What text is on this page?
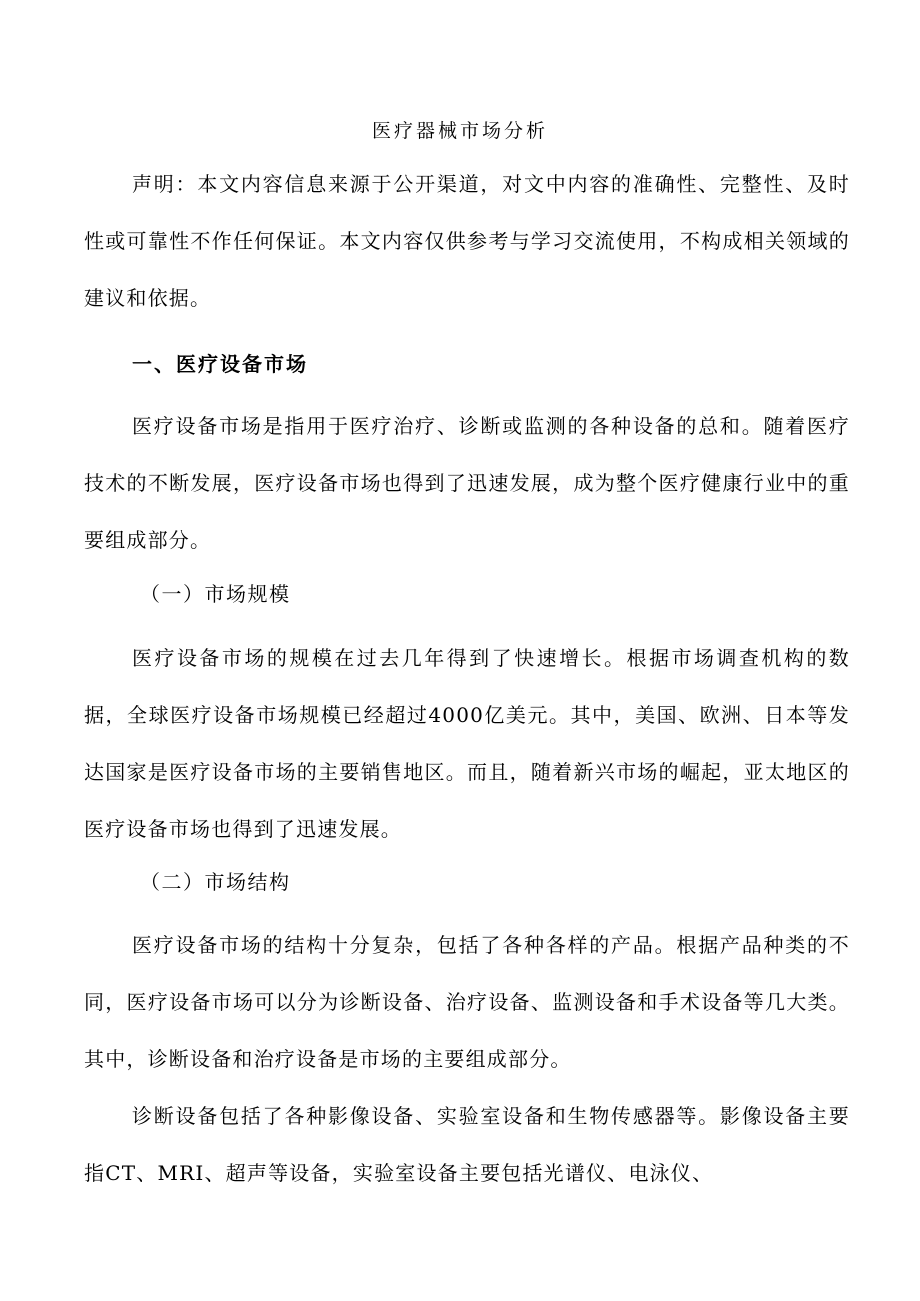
医疗器械市场分析

声明：本文内容信息来源于公开渠道，对文中内容的准确性、完整性、及时性或可靠性不作任何保证。本文内容仅供参考与学习交流使用，不构成相关领域的建议和依据。

一、医疗设备市场

医疗设备市场是指用于医疗治疗、诊断或监测的各种设备的总和。随着医疗技术的不断发展，医疗设备市场也得到了迅速发展，成为整个医疗健康行业中的重要组成部分。

（一）市场规模

医疗设备市场的规模在过去几年得到了快速增长。根据市场调查机构的数据，全球医疗设备市场规模已经超过4000亿美元。其中，美国、欧洲、日本等发达国家是医疗设备市场的主要销售地区。而且，随着新兴市场的崛起，亚太地区的医疗设备市场也得到了迅速发展。

（二）市场结构

医疗设备市场的结构十分复杂，包括了各种各样的产品。根据产品种类的不同，医疗设备市场可以分为诊断设备、治疗设备、监测设备和手术设备等几大类。其中，诊断设备和治疗设备是市场的主要组成部分。

诊断设备包括了各种影像设备、实验室设备和生物传感器等。影像设备主要指CT、MRI、超声等设备，实验室设备主要包括光谱仪、电泳仪、
